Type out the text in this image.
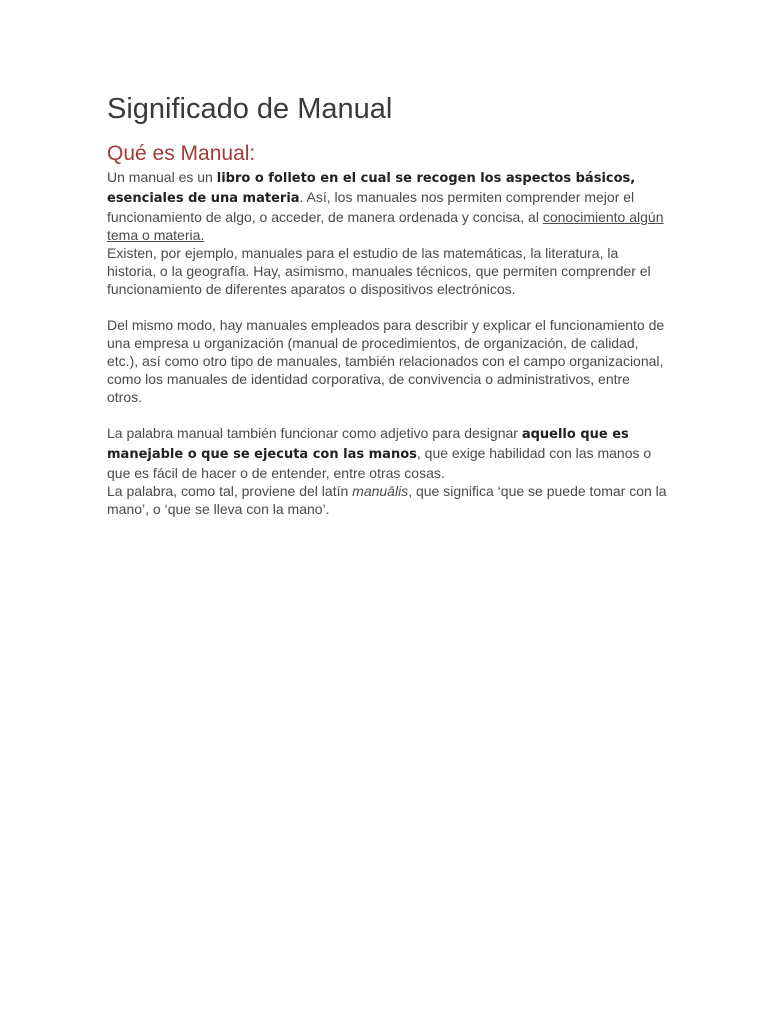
Significado de Manual
Qué es Manual:

Un manual es un libro o folleto en el cual se recogen los aspectos básicos, esenciales de una materia. Así, los manuales nos permiten comprender mejor el funcionamiento de algo, o acceder, de manera ordenada y concisa, al conocimiento algún tema o materia.

Existen, por ejemplo, manuales para el estudio de las matemáticas, la literatura, la historia, o la geografía. Hay, asimismo, manuales técnicos, que permiten comprender el funcionamiento de diferentes aparatos o dispositivos electrónicos.

Del mismo modo, hay manuales empleados para describir y explicar el funcionamiento de una empresa u organización (manual de procedimientos, de organización, de calidad, etc.), así como otro tipo de manuales, también relacionados con el campo organizacional, como los manuales de identidad corporativa, de convivencia o administrativos, entre otros.

La palabra manual también funcionar como adjetivo para designar aquello que es manejable o que se ejecuta con las manos, que exige habilidad con las manos o que es fácil de hacer o de entender, entre otras cosas.

La palabra, como tal, proviene del latín manuālis, que significa ‘que se puede tomar con la mano’, o ‘que se lleva con la mano’.
